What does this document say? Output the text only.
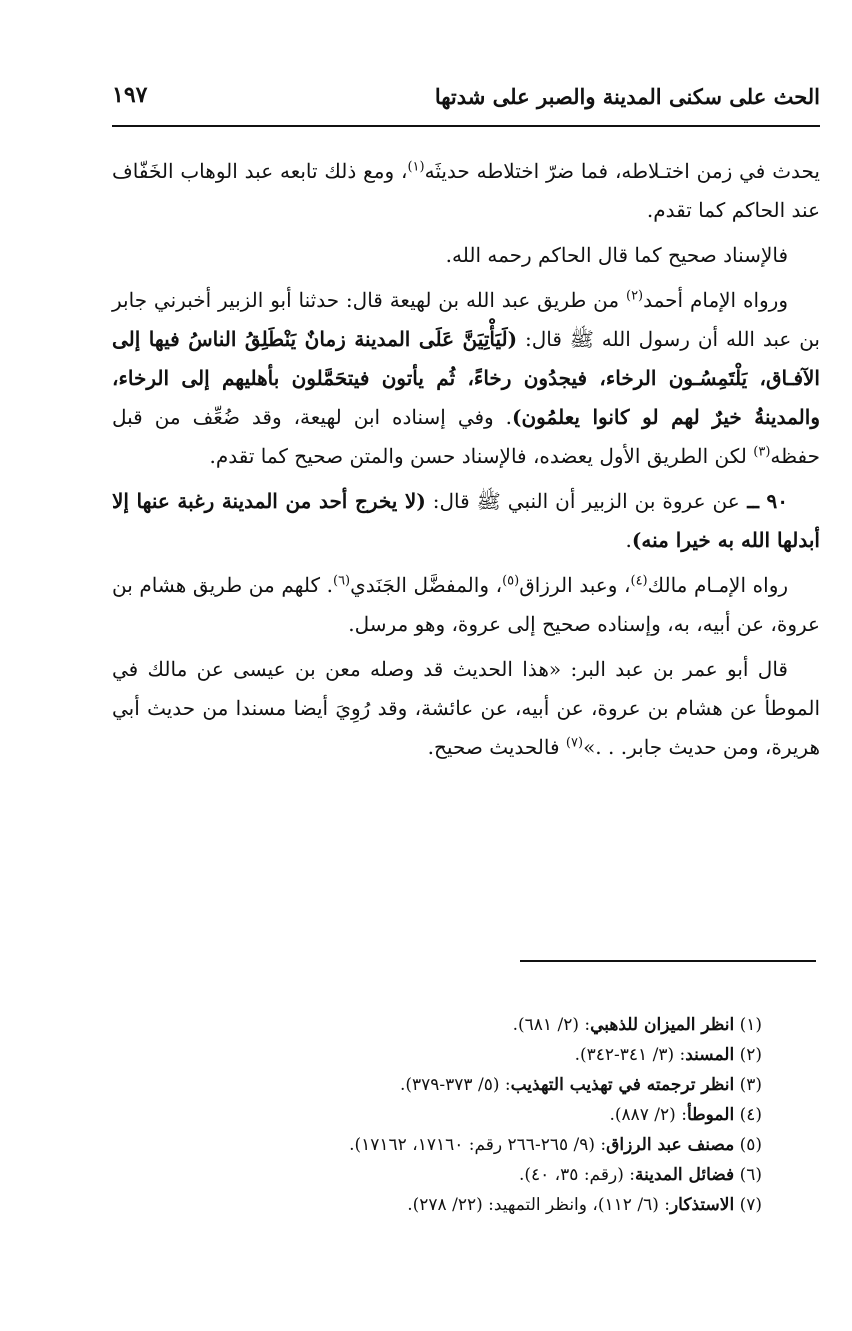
الحث على سكنى المدينة والصبر على شدتها
١٩٧

يحدث في زمن اختـلاطه، فما ضرّ اختلاطه حديثَه$^{(١)}$، ومع ذلك تابعه عبد الوهاب الخَفّاف عند الحاكم كما تقدم.

فالإسناد صحيح كما قال الحاكم رحمه الله.

ورواه الإمام أحمد$^{(٢)}$ من طريق عبد الله بن لهيعة قال: حدثنا أبو الزبير أخبرني جابر بن عبد الله أن رسول الله ﷺ قال: (لَيَأْتِيَنَّ عَلَى المدينة زمانٌ يَنْطَلِقُ الناسُ فيها إلى الآفـاق، يَلْتَمِسُـون الرخاء، فيجدُون رخاءً، ثُم يأتون فيتحَمَّلون بأهليهم إلى الرخاء، والمدينةُ خيرٌ لهم لو كانوا يعلمُون). وفي إسناده ابن لهيعة، وقد ضُعِّف من قبل حفظه$^{(٣)}$ لكن الطريق الأول يعضده، فالإسناد حسن والمتن صحيح كما تقدم.

٩٠ ــ عن عروة بن الزبير أن النبي ﷺ قال: (لا يخرج أحد من المدينة رغبة عنها إلا أبدلها الله به خيرا منه).

رواه الإمـام مالك$^{(٤)}$، وعبد الرزاق$^{(٥)}$، والمفضَّل الجَنَدي$^{(٦)}$. كلهم من طريق هشام بن عروة، عن أبيه، به، وإسناده صحيح إلى عروة، وهو مرسل.

قال أبو عمر بن عبد البر: «هذا الحديث قد وصله معن بن عيسى عن مالك في الموطأ عن هشام بن عروة، عن أبيه، عن عائشة، وقد رُوِيَ أيضا مسندا من حديث أبي هريرة، ومن حديث جابر. . .»$^{(٧)}$ فالحديث صحيح.

(١) انظر الميزان للذهبي: (٢/ ٦٨١).
(٢) المسند: (٣/ ٣٤١-٣٤٢).
(٣) انظر ترجمته في تهذيب التهذيب: (٥/ ٣٧٣-٣٧٩).
(٤) الموطأ: (٢/ ٨٨٧).
(٥) مصنف عبد الرزاق: (٩/ ٢٦٥-٢٦٦ رقم: ١٧١٦٠، ١٧١٦٢).
(٦) فضائل المدينة: (رقم: ٣٥، ٤٠).
(٧) الاستذكار: (٦/ ١١٢)، وانظر التمهيد: (٢٢/ ٢٧٨).
